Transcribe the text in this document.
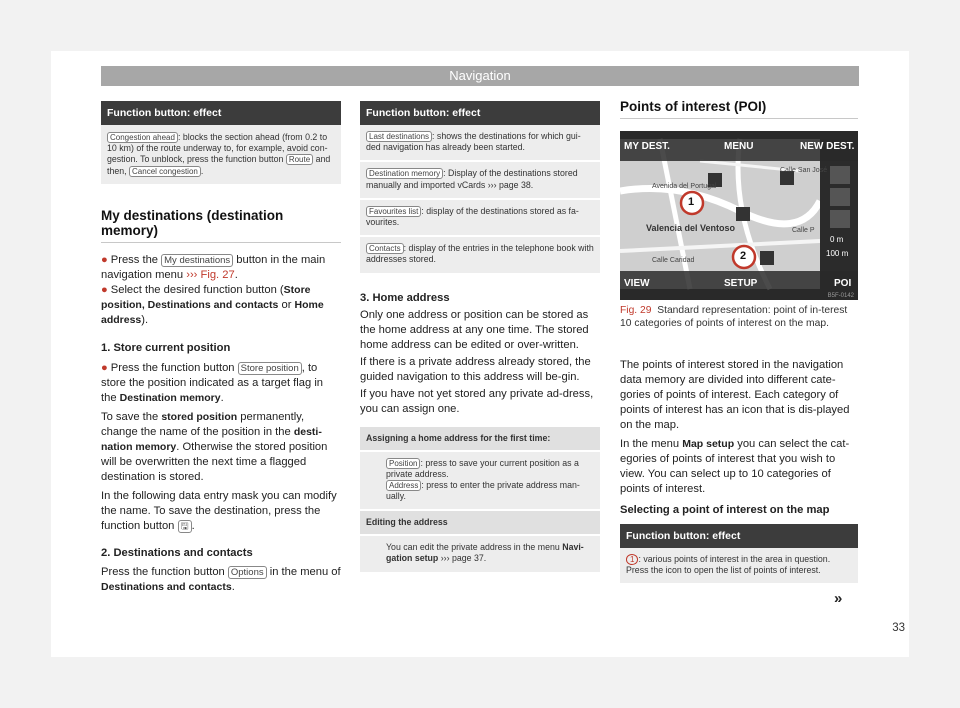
Navigation
Function button: effect
Congestion ahead : blocks the section ahead (from 0.2 to 10 km) of the route underway to, for example, avoid con-gestion. To unblock, press the function button Route and then, Cancel congestion .
My destinations (destination memory)

● Press the My destinations button in the main navigation menu ››› Fig. 27.

● Select the desired function button (Store position, Destinations and contacts or Home address).

1. Store current position

● Press the function button Store position , to store the position indicated as a target flag in the Destination memory.

To save the stored position permanently, change the name of the position in the desti-nation memory. Otherwise the stored position will be overwritten the next time a flagged destination is stored.

In the following data entry mask you can modify the name. To save the destination, press the function button 🖫 .

2. Destinations and contacts

Press the function button Options in the menu of Destinations and contacts.

Function button: effect
Last destinations : shows the destinations for which gui-ded navigation has already been started.
Destination memory : Display of the destinations stored manually and imported vCards ››› page 38.
Favourites list : display of the destinations stored as fa-vourites.
Contacts : display of the entries in the telephone book with addresses stored.

3. Home address

Only one address or position can be stored as the home address at any one time. The stored home address can be edited or over-written.

If there is a private address already stored, the guided navigation to this address will be-gin.

If you have not yet stored any private ad-dress, you can assign one.

Assigning a home address for the first time:
Position : press to save your current position as a private address.
Address : press to enter the private address man-ually.
Editing the address
You can edit the private address in the menu Navi-gation setup ››› page 37.
Points of interest (POI)
MY DEST.	MENU	NEW DEST.
VIEW	SETUP	POI
0 m
100 m
Valencia del Ventoso
Calle Caridad
Avenida del Portugal
Calle San José
Calle P
1
2
B5F-0142
Fig. 29 Standard representation: point of in-terest 10 categories of points of interest on the map.

The points of interest stored in the navigation data memory are divided into different cate-gories of points of interest. Each category of points of interest has an icon that is dis-played on the map.

In the menu Map setup you can select the cat-egories of points of interest that you wish to view. You can select up to 10 categories of points of interest.

Selecting a point of interest on the map

Function button: effect
1 : various points of interest in the area in question. Press the icon to open the list of points of interest.
»
33
